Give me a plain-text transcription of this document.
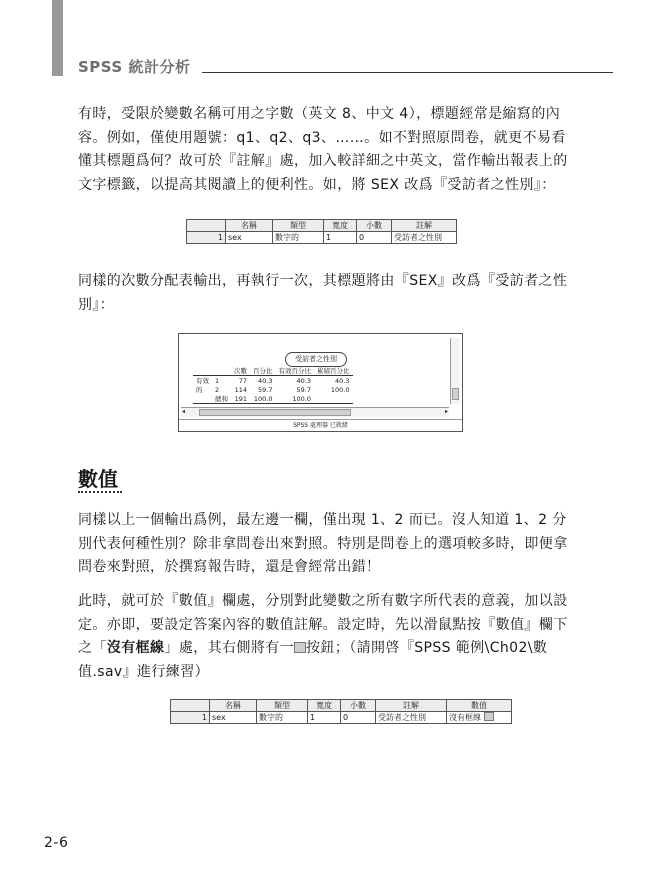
SPSS 統計分析
有時，受限於變數名稱可用之字數（英文 8、中文 4），標題經常是縮寫的內容。例如，僅使用題號：q1、q2、q3、……。如不對照原問卷，就更不易看懂其標題爲何？故可於『註解』處，加入較詳細之中英文，當作輸出報表上的文字標籤，以提高其閱讀上的便利性。如，將 SEX 改爲『受訪者之性別』：
	名稱	類型	寬度	小數	註解
1	sex	數字的	1	0	受訪者之性別
同樣的次數分配表輸出，再執行一次，其標題將由『SEX』改爲『受訪者之性別』：
受訪者之性別
		次數	百分比	有效百分比	累積百分比
有效	1	77	40.3	40.3	40.3
的	2	114	59.7	59.7	100.0
	總和	191	100.0	100.0	
◂	▸
SPSS 處理器 已就緒
數值
同樣以上一個輸出爲例，最左邊一欄，僅出現 1、2 而已。沒人知道 1、2 分別代表何種性別？除非拿問卷出來對照。特別是問卷上的選項較多時，即便拿問卷來對照，於撰寫報告時，還是會經常出錯！
此時，就可於『數值』欄處，分別對此變數之所有數字所代表的意義，加以設定。亦即，要設定答案內容的數值註解。設定時，先以滑鼠點按『數值』欄下之「沒有框線」處，其右側將有一 按鈕；（請開啓『SPSS 範例\Ch02\數值.sav』進行練習）
	名稱	類型	寬度	小數	註解	數值
1	sex	數字的	1	0	受訪者之性別	沒有框線
2-6
